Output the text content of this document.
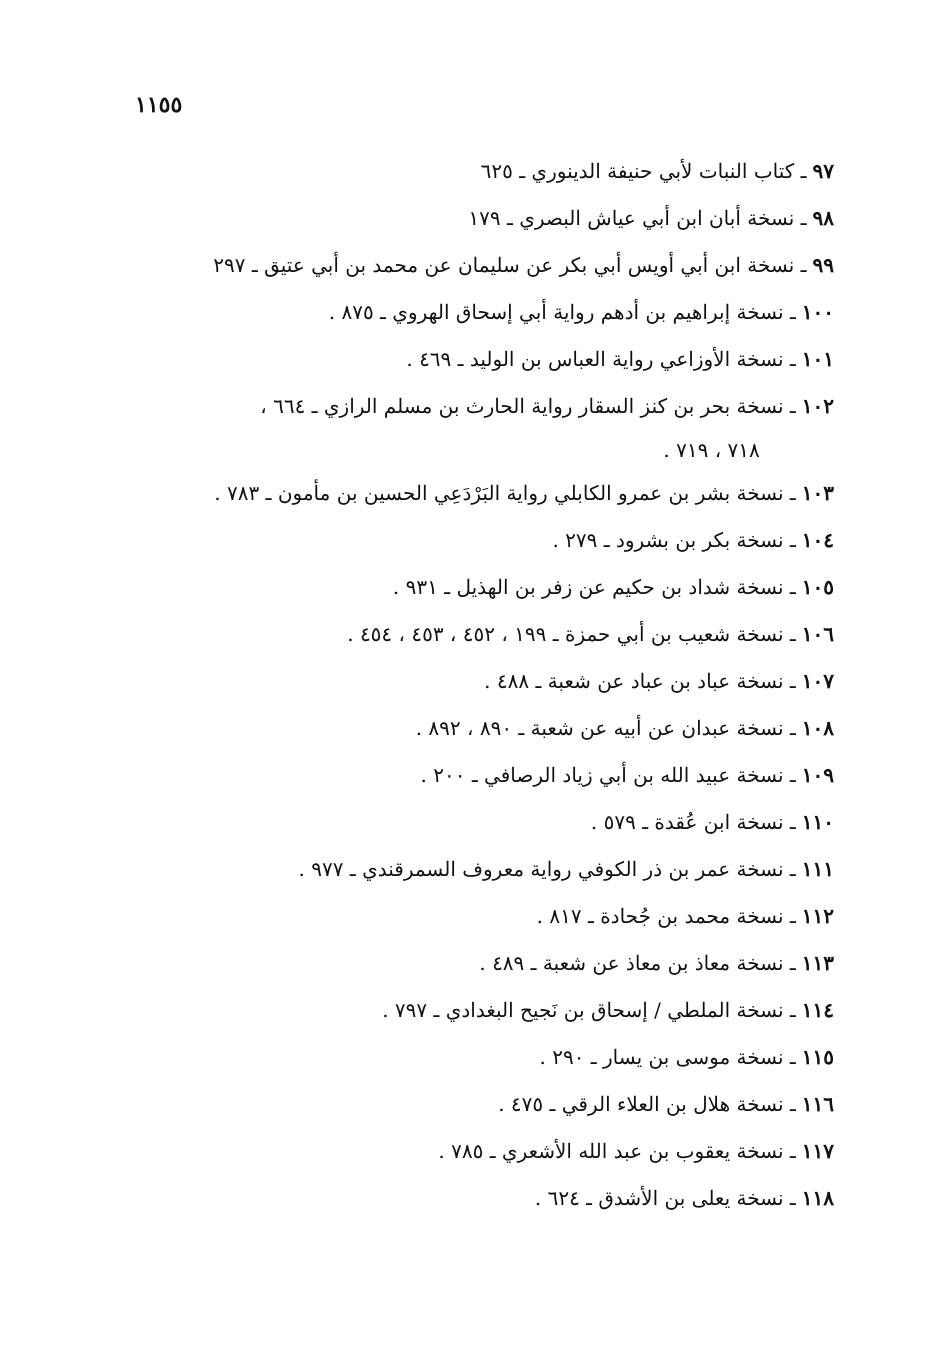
١١٥٥
٩٧
ـ كتاب النبات لأبي حنيفة الدينوري ـ ٦٢٥
٩٨
ـ نسخة أبان ابن أبي عياش البصري ـ ١٧٩
٩٩
ـ نسخة ابن أبي أويس أبي بكر عن سليمان عن محمد بن أبي عتيق ـ ٢٩٧
١٠٠
ـ نسخة إبراهيم بن أدهم رواية أبي إسحاق الهروي ـ ٨٧٥ .
١٠١
ـ نسخة الأوزاعي رواية العباس بن الوليد ـ ٤٦٩ .
١٠٢
ـ نسخة بحر بن كنز السقار رواية الحارث بن مسلم الرازي ـ ٦٦٤ ،
٧١٨ ، ٧١٩ .
١٠٣
ـ نسخة بشر بن عمرو الكابلي رواية البَرْدَعِي الحسين بن مأمون ـ ٧٨٣ .
١٠٤
ـ نسخة بكر بن بشرود ـ ٢٧٩ .
١٠٥
ـ نسخة شداد بن حكيم عن زفر بن الهذيل ـ ٩٣١ .
١٠٦
ـ نسخة شعيب بن أبي حمزة ـ ١٩٩ ، ٤٥٢ ، ٤٥٣ ، ٤٥٤ .
١٠٧
ـ نسخة عباد بن عباد عن شعبة ـ ٤٨٨ .
١٠٨
ـ نسخة عبدان عن أبيه عن شعبة ـ ٨٩٠ ، ٨٩٢ .
١٠٩
ـ نسخة عبيد الله بن أبي زياد الرصافي ـ ٢٠٠ .
١١٠
ـ نسخة ابن عُقدة ـ ٥٧٩ .
١١١
ـ نسخة عمر بن ذر الكوفي رواية معروف السمرقندي ـ ٩٧٧ .
١١٢
ـ نسخة محمد بن جُحادة ـ ٨١٧ .
١١٣
ـ نسخة معاذ بن معاذ عن شعبة ـ ٤٨٩ .
١١٤
ـ نسخة الملطي / إسحاق بن نَجيح البغدادي ـ ٧٩٧ .
١١٥
ـ نسخة موسى بن يسار ـ ٢٩٠ .
١١٦
ـ نسخة هلال بن العلاء الرقي ـ ٤٧٥ .
١١٧
ـ نسخة يعقوب بن عبد الله الأشعري ـ ٧٨٥ .
١١٨
ـ نسخة يعلى بن الأشدق ـ ٦٢٤ .
